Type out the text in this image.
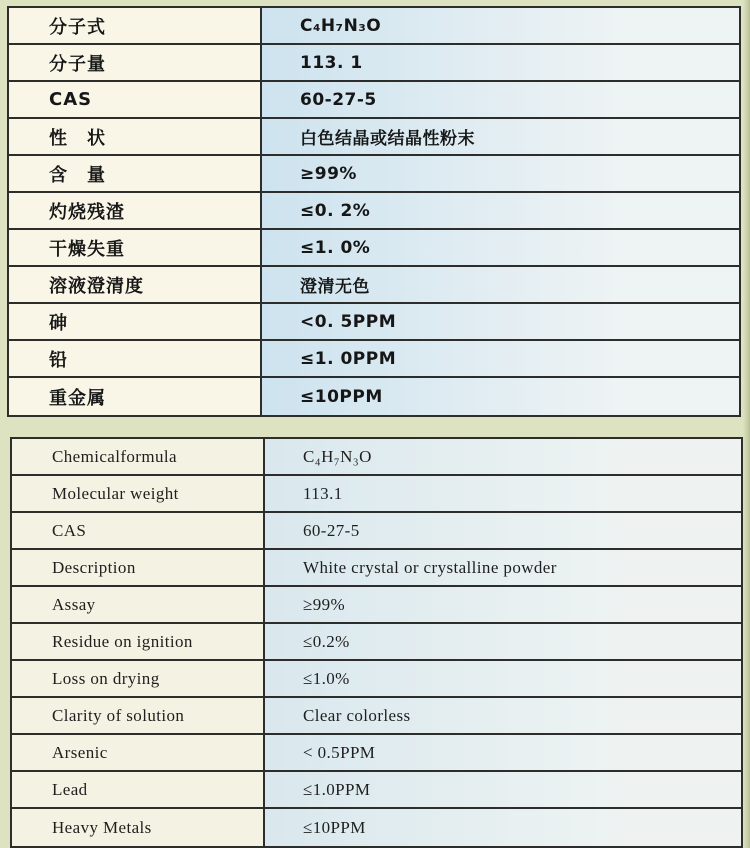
分子式	C₄H₇N₃O
分子量	113. 1
CAS	60-27-5
性　状	白色结晶或结晶性粉末
含　量	≥99%
灼烧残渣	≤0. 2%
干燥失重	≤1. 0%
溶液澄清度	澄清无色
砷	<0. 5PPM
铅	≤1. 0PPM
重金属	≤10PPM
Chemicalformula	C₄H₇N₃O
Molecular weight	113.1
CAS	60-27-5
Description	White crystal or crystalline powder
Assay	≥99%
Residue on ignition	≤0.2%
Loss on drying	≤1.0%
Clarity of solution	Clear colorless
Arsenic	< 0.5PPM
Lead	≤1.0PPM
Heavy Metals	≤10PPM
